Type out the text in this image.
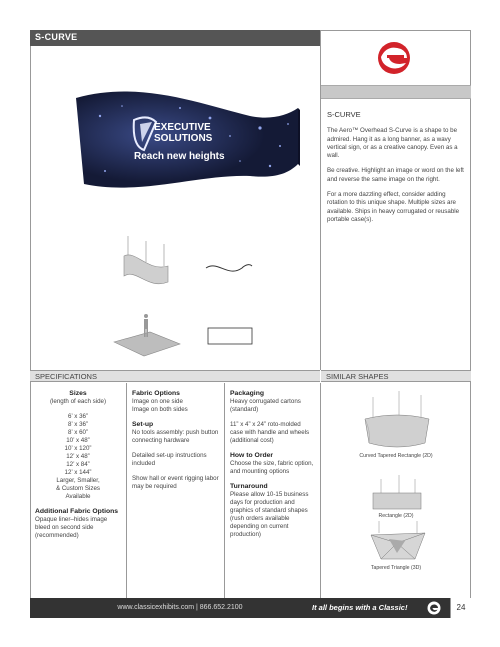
S-CURVE
EXECUTIVE
SOLUTIONS
Reach new heights
S-CURVE

The Aero™ Overhead S-Curve is a shape to be admired. Hang it as a long banner, as a wavy vertical sign, or as a creative canopy. Even as a wall.

Be creative. Highlight an image or word on the left and reverse the same image on the right.

For a more dazzling effect, consider adding rotation to this unique shape. Multiple sizes are available. Ships in heavy corrugated or reusable portable case(s).

SPECIFICATIONS	SIMILAR SHAPES
Sizes
(length of each side)
6’ x 36”
8’ x 36”
8’ x 60”
10’ x 48”
10’ x 120”
12’ x 48”
12’ x 84”
12’ x 144”
Larger, Smaller,
& Custom Sizes
Available
Additional Fabric Options
Opaque liner–hides image bleed on second side (recommended)
Fabric Options
Image on one side
Image on both sides
Set-up
No tools assembly: push button connecting hardware
Detailed set-up instructions included
Show hall or event rigging labor may be required
Packaging
Heavy corrugated cartons (standard)
11” x 4” x 24” roto-molded case with handle and wheels (additional cost)
How to Order
Choose the size, fabric option, and mounting options
Turnaround
Please allow 10-15 business days for production and graphics of standard shapes (rush orders available depending on current production)
Curved Tapered Rectangle (2D)
Rectangle (2D)
Tapered Triangle (3D)
www.classicexhibits.com | 866.652.2100	It all begins with a Classic!	24
